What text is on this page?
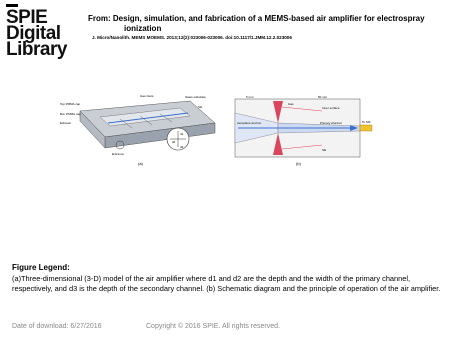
SPIE
Digital
Library
From: Design, simulation, and fabrication of a MEMS-based air amplifier for electrospray
ionization
J. Micro/Nanolith. MEMS MOEMS. 2013;12(2):023006-023006. doi:10.1117/1.JMM.12.2.023006
Gas inlets	Glass substrate
Top PMMA cap
Slit
Bot. PMMA cap
Exhaust
Entrance
d1
d2
d3
(a)
5 mm	50 mm
Gas
Inner surface
Primary channel
Aeroplane and ion	To MS
Slit
(b)
Figure Legend:
(a)Three-dimensional (3-D) model of the air amplifier where d1 and d2 are the depth and the width of the primary channel, respectively, and d3 is the depth of the secondary channel. (b) Schematic diagram and the principle of operation of the air amplifier.
Date of download: 6/27/2016	Copyright © 2016 SPIE. All rights reserved.
